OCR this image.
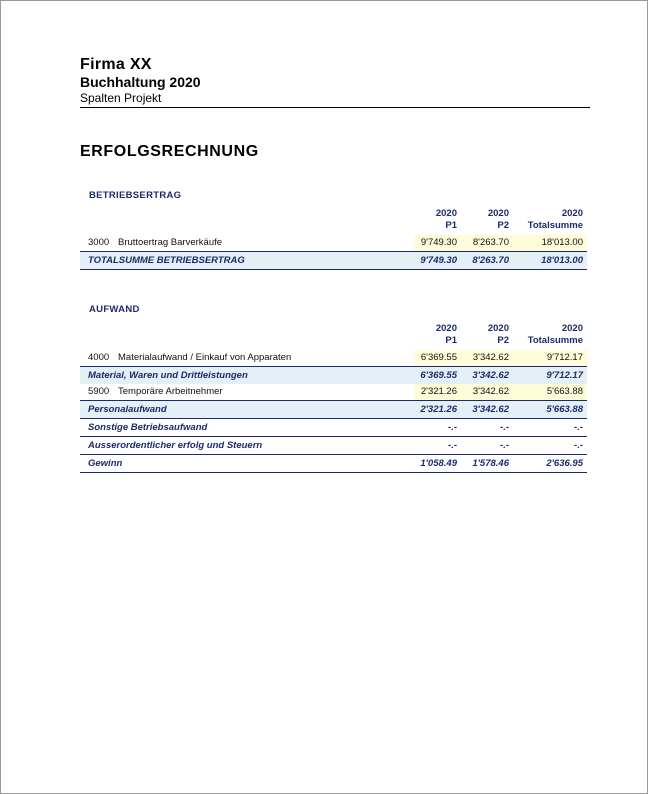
Firma XX
Buchhaltung 2020
Spalten Projekt
ERFOLGSRECHNUNG
BETRIEBSERTRAG
	2020	2020	2020
	P1	P2	Totalsumme
3000 Bruttoertrag Barverkäufe	9'749.30	8'263.70	18'013.00
TOTALSUMME BETRIEBSERTRAG	9'749.30	8'263.70	18'013.00
AUFWAND
	2020	2020	2020
	P1	P2	Totalsumme
4000 Materialaufwand / Einkauf von Apparaten	6'369.55	3'342.62	9'712.17
Material, Waren und Drittleistungen	6'369.55	3'342.62	9'712.17
5900 Temporäre Arbeitnehmer	2'321.26	3'342.62	5'663.88
Personalaufwand	2'321.26	3'342.62	5'663.88
Sonstige Betriebsaufwand	-.-	-.-	-.-
Ausserordentlicher erfolg und Steuern	-.-	-.-	-.-
Gewinn	1'058.49	1'578.46	2'636.95
